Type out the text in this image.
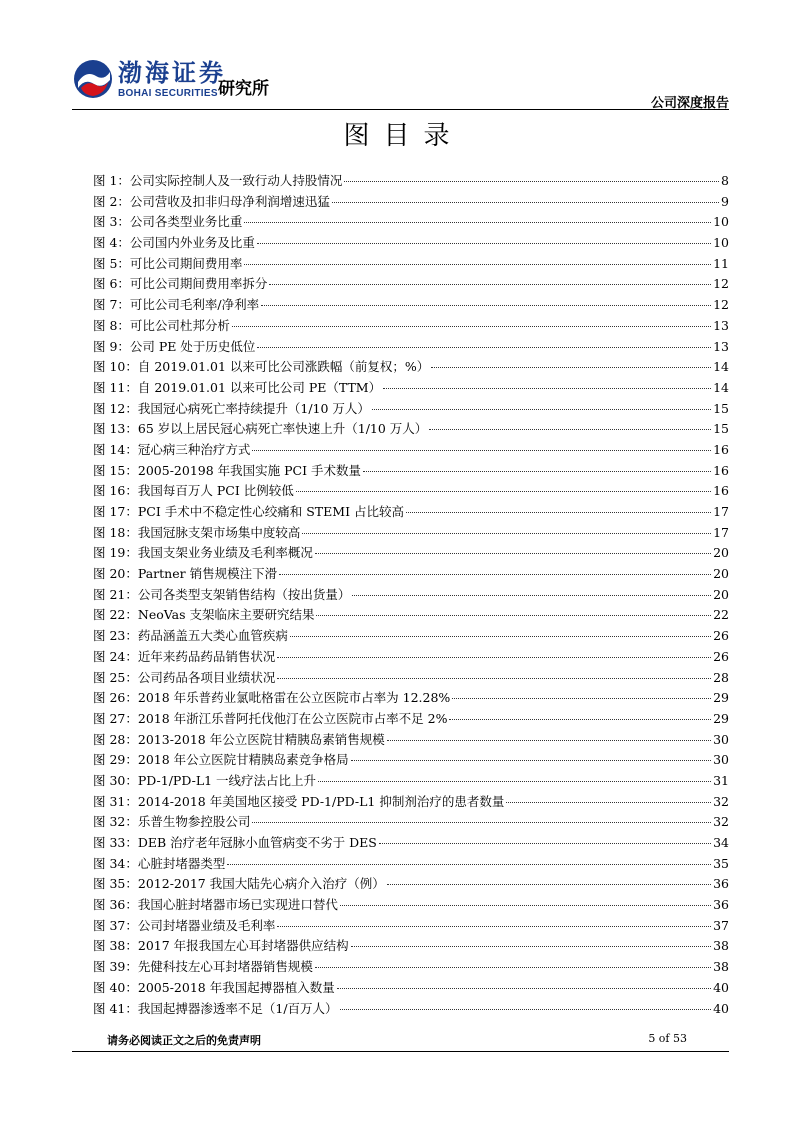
渤海证券
BOHAI SECURITIES 研究所
公司深度报告
图目录
图 1：公司实际控制人及一致行动人持股情况	8
图 2：公司营收及扣非归母净利润增速迅猛	9
图 3：公司各类型业务比重	10
图 4：公司国内外业务及比重	10
图 5：可比公司期间费用率	11
图 6：可比公司期间费用率拆分	12
图 7：可比公司毛利率/净利率	12
图 8：可比公司杜邦分析	13
图 9：公司 PE 处于历史低位	13
图 10：自 2019.01.01 以来可比公司涨跌幅（前复权；%）	14
图 11：自 2019.01.01 以来可比公司 PE（TTM）	14
图 12：我国冠心病死亡率持续提升（1/10 万人）	15
图 13：65 岁以上居民冠心病死亡率快速上升（1/10 万人）	15
图 14：冠心病三种治疗方式	16
图 15：2005-20198 年我国实施 PCI 手术数量	16
图 16：我国每百万人 PCI 比例较低	16
图 17：PCI 手术中不稳定性心绞痛和 STEMI 占比较高	17
图 18：我国冠脉支架市场集中度较高	17
图 19：我国支架业务业绩及毛利率概况	20
图 20：Partner 销售规模注下滑	20
图 21：公司各类型支架销售结构（按出货量）	20
图 22：NeoVas 支架临床主要研究结果	22
图 23：药品涵盖五大类心血管疾病	26
图 24：近年来药品药品销售状况	26
图 25：公司药品各项目业绩状况	28
图 26：2018 年乐普药业氯吡格雷在公立医院市占率为 12.28%	29
图 27：2018 年浙江乐普阿托伐他汀在公立医院市占率不足 2%	29
图 28：2013-2018 年公立医院甘精胰岛素销售规模	30
图 29：2018 年公立医院甘精胰岛素竞争格局	30
图 30：PD-1/PD-L1 一线疗法占比上升	31
图 31：2014-2018 年美国地区接受 PD-1/PD-L1 抑制剂治疗的患者数量	32
图 32：乐普生物参控股公司	32
图 33：DEB 治疗老年冠脉小血管病变不劣于 DES	34
图 34：心脏封堵器类型	35
图 35：2012-2017 我国大陆先心病介入治疗（例）	36
图 36：我国心脏封堵器市场已实现进口替代	36
图 37：公司封堵器业绩及毛利率	37
图 38：2017 年报我国左心耳封堵器供应结构	38
图 39：先健科技左心耳封堵器销售规模	38
图 40：2005-2018 年我国起搏器植入数量	40
图 41：我国起搏器渗透率不足（1/百万人）	40
请务必阅读正文之后的免责声明	5 of 53
